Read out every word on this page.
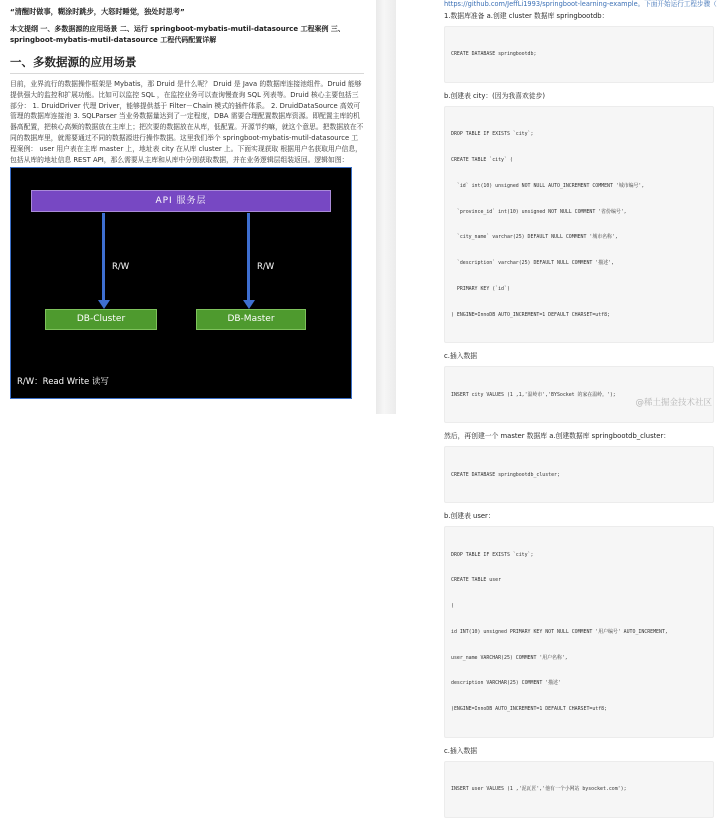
“清醒时做事，糊涂时跳步，大怒时睡觉，独处时思考”
本文提纲 一、多数据源的应用场景 二、运行 springboot-mybatis-mutil-datasource 工程案例 三、springboot-mybatis-mutil-datasource 工程代码配置详解
一、多数据源的应用场景
目前，业界流行的数据操作框架是 Mybatis，那 Druid 是什么呢？ Druid 是 Java 的数据库连接池组件。Druid 能够提供强大的监控和扩展功能。比如可以监控 SQL ，在监控业务可以查询慢查询 SQL 列表等。Druid 核心主要包括三部分： 1. DruidDriver 代理 Driver，能够提供基于 Filter－Chain 模式的插件体系。 2. DruidDataSource 高效可管理的数据库连接池 3. SQLParser 当业务数据量达到了一定程度，DBA 需要合理配置数据库资源。即配置主库的机器高配置，把核心高频的数据放在主库上；把次要的数据放在从库，低配置。开源节约嘛，就这个意思。把数据放在不同的数据库里，就需要通过不同的数据源进行操作数据。这里我们举个 springboot-mybatis-mutil-datasource 工程案例： user 用户表在主库 master 上，地址表 city 在从库 cluster 上。下面实现获取 根据用户名获取用户信息，包括从库的地址信息 REST API，那么需要从主库和从库中分别获取数据，并在业务逻辑层组装返回。逻辑如图：
API 服务层
R/W	R/W
DB-Cluster	DB-Master
R/W：Read Write 读写
https://github.com/JeffLi1993/springboot-learning-example。下面开始运行工程步骤（
1.数据库准备 a.创建 cluster 数据库 springbootdb：

CREATE DATABASE springbootdb;

b.创建表 city：(因为我喜欢徒步)

DROP TABLE IF EXISTS `city`;

CREATE TABLE `city` (

`id` int(10) unsigned NOT NULL AUTO_INCREMENT COMMENT '城市编号',

`province_id` int(10) unsigned NOT NULL COMMENT '省份编号',

`city_name` varchar(25) DEFAULT NULL COMMENT '城市名称',

`description` varchar(25) DEFAULT NULL COMMENT '描述',

PRIMARY KEY (`id`)

) ENGINE=InnoDB AUTO_INCREMENT=1 DEFAULT CHARSET=utf8;

c.插入数据

INSERT city VALUES (1 ,1,'温岭市','BYSocket 的家在温岭。');

然后，再创建一个 master 数据库 a.创建数据库 springbootdb_cluster：

CREATE DATABASE springbootdb_cluster;

b.创建表 user：

DROP TABLE IF EXISTS `city`;

CREATE TABLE user

(

id INT(10) unsigned PRIMARY KEY NOT NULL COMMENT '用户编号' AUTO_INCREMENT,

user_name VARCHAR(25) COMMENT '用户名称',

description VARCHAR(25) COMMENT '描述'

)ENGINE=InnoDB AUTO_INCREMENT=1 DEFAULT CHARSET=utf8;

c.插入数据

INSERT user VALUES (1 ,'泥瓦匠','他有一个小网站 bysocket.com');

@稀土掘金技术社区
